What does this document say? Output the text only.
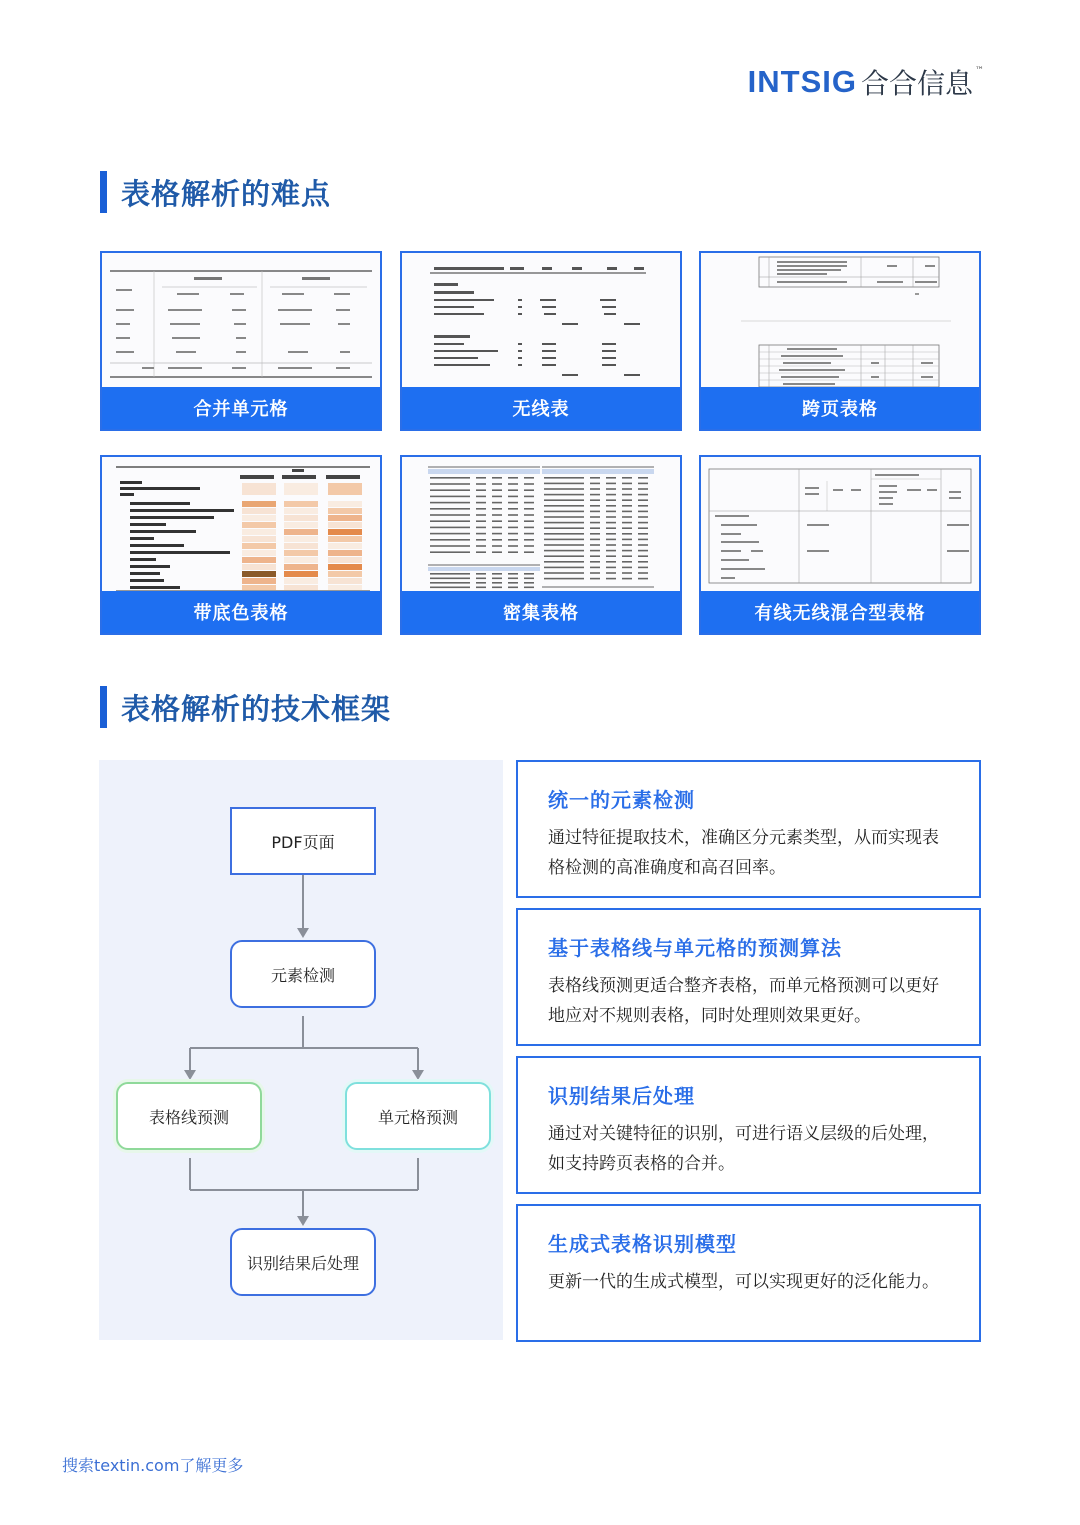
INTSIG 合合信息 ™
表格解析的难点
合并单元格	无线表	跨页表格
带底色表格	密集表格	有线无线混合型表格
表格解析的技术框架
PDF页面
元素检测
表格线预测	单元格预测
识别结果后处理
统一的元素检测
通过特征提取技术，准确区分元素类型，从而实现表格检测的高准确度和高召回率。
基于表格线与单元格的预测算法
表格线预测更适合整齐表格，而单元格预测可以更好地应对不规则表格，同时处理则效果更好。
识别结果后处理
通过对关键特征的识别，可进行语义层级的后处理，如支持跨页表格的合并。
生成式表格识别模型
更新一代的生成式模型，可以实现更好的泛化能力。
搜索textin.com了解更多
